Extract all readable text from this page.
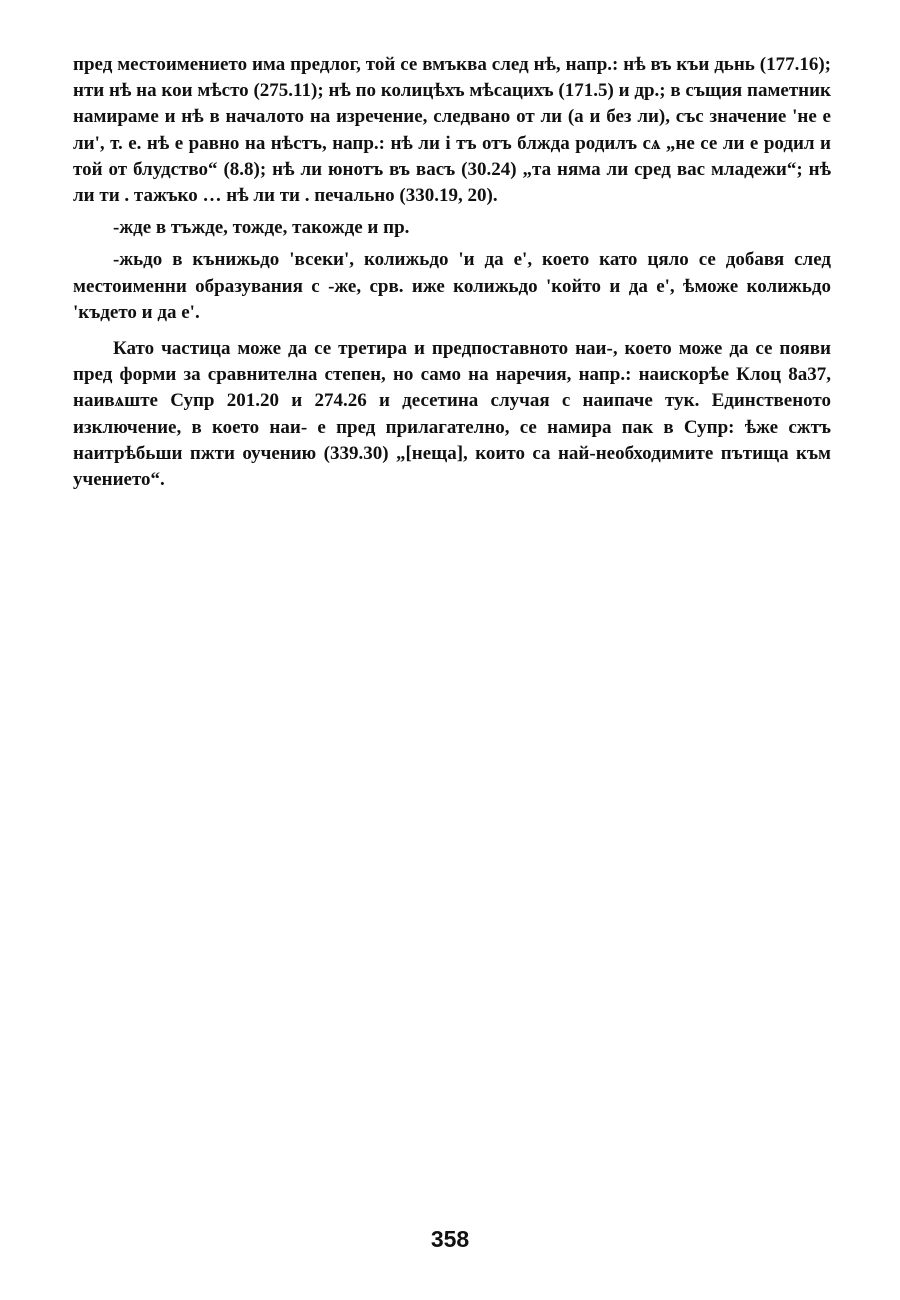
пред местоимението има предлог, той се вмъква след нѣ, напр.: нѣ въ къи дьнь (177.16); нти нѣ на кои мѣсто (275.11); нѣ по колицѣхъ мѣсацихъ (171.5) и др.; в същия паметник намираме и нѣ в началото на изречение, следвано от ли (а и без ли), със значение 'не е ли', т. е. нѣ е равно на нѣстъ, напр.: нѣ ли і тъ отъ блждa родилъ сѧ „не се ли е родил и той от блудство“ (8.8); нѣ ли юнотъ въ васъ (30.24) „та няма ли сред вас младежи“; нѣ ли ти . тажъко … нѣ ли ти . печально (330.19, 20).

-жде в тъжде, тожде, такожде и пр.

-жьдо в кънижьдо 'всеки', колижьдо 'и да е', което като цяло се добавя след местоименни образувания с -же, срв. иже колижьдо 'който и да е', ѣможе колижьдо 'където и да е'.

Като частица може да се третира и предпоставното наи-, което може да се появи пред форми за сравнителна степен, но само на наречия, напр.: наискорѣе Клоц 8а37, наивѧште Супр 201.20 и 274.26 и десетина случая с наипаче тук. Единственото изключение, в което наи- е пред прилагателно, се намира пак в Супр: ѣже сжтъ наитрѣбьши пжти оучению (339.30) „[неща], които са най-необходимите пътища към учението“.

358
